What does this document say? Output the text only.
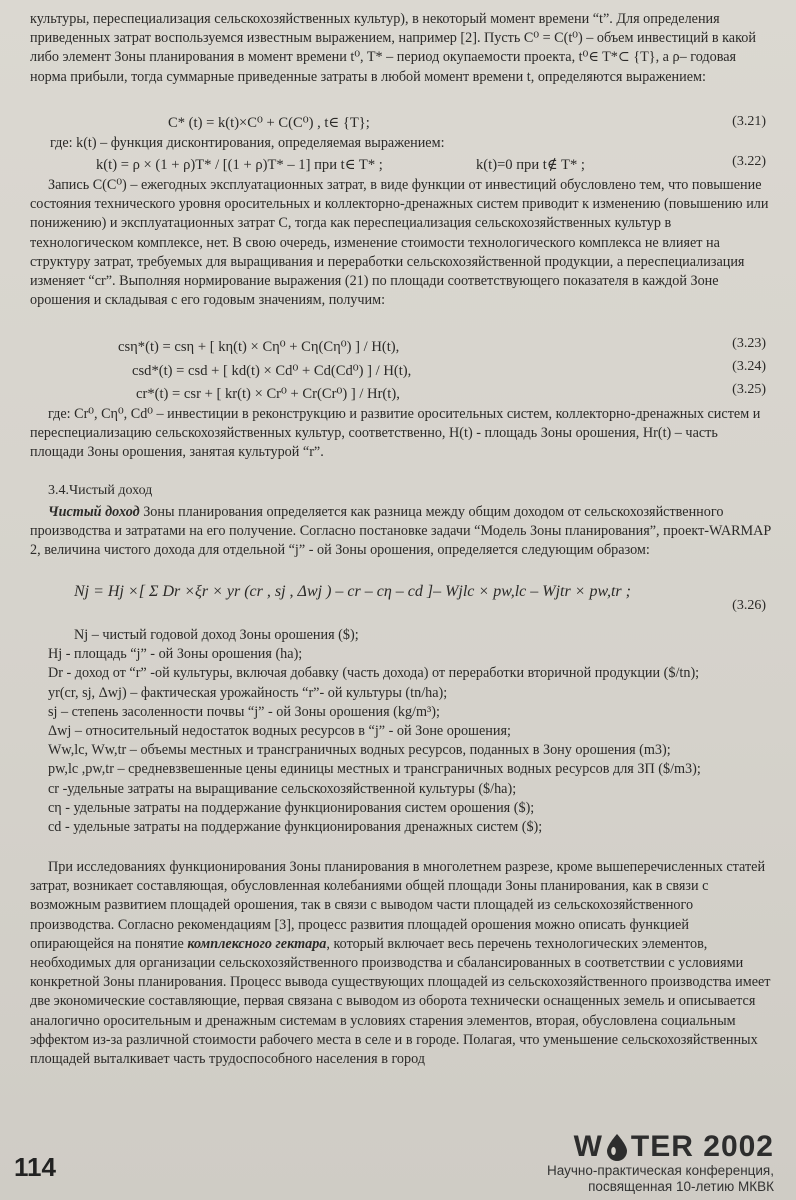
культуры, переспециализация сельскохозяйственных культур), в некоторый момент времени “t”. Для определения приведенных затрат воспользуемся известным выражением, например [2]. Пусть C⁰ = C(t⁰) – объем инвестиций в какой либо элемент Зоны планирования в момент времени t⁰, T* – период окупаемости проекта, t⁰∈ T*⊂ {T}, а ρ– годовая норма прибыли, тогда суммарные приведенные затраты в любой момент времени t, определяются выражением:

C* (t) = k(t)×C⁰ + C(C⁰) , t∈ {T};	(3.21)

где: k(t) – функция дисконтирования, определяемая выражением:

k(t) = ρ × (1 + ρ)T* / [(1 + ρ)T* – 1] при t∈ T* ;	k(t)=0 при t∉ T* ;	(3.22)

Запись C(C⁰) – ежегодных эксплуатационных затрат, в виде функции от инвестиций обусловлено тем, что повышение состояния технического уровня оросительных и коллекторно-дренажных систем приводит к изменению (повышению или понижению) и эксплуатационных затрат C, тогда как переспециализация сельскохозяйственных культур в технологическом комплексе, нет. В свою очередь, изменение стоимости технологического комплекса не влияет на структуру затрат, требуемых для выращивания и переработки сельскохозяйственной продукции, а переспециализация изменяет “cr”. Выполняя нормирование выражения (21) по площади соответствующего показателя в каждой Зоне орошения и складывая с его годовым значениям, получим:

csη*(t) = csη + [ kη(t) × Cη⁰ + Cη(Cη⁰) ] / H(t),	(3.23)
csd*(t) = csd + [ kd(t) × Cd⁰ + Cd(Cd⁰) ] / H(t),	(3.24)
cr*(t) = csr + [ kr(t) × Cr⁰ + Cr(Cr⁰) ] / Hr(t),	(3.25)

где: Cr⁰, Cη⁰, Cd⁰ – инвестиции в реконструкцию и развитие оросительных систем, коллекторно-дренажных систем и переспециализацию сельскохозяйственных культур, соответственно, H(t) - площадь Зоны орошения, Hr(t) – часть площади Зоны орошения, занятая культурой “r”.

3.4.Чистый доход

Чистый доход Зоны планирования определяется как разница между общим доходом от сельскохозяйственного производства и затратами на его получение. Согласно постановке задачи “Модель Зоны планирования”, проект-WARMAP 2, величина чистого дохода для отдельной “j” - ой Зоны орошения, определяется следующим образом:

Nj = Hj ×[ Σ Dr ×ξr × yr (cr , sj , Δwj ) – cr – cη – cd ]– Wjlc × pw,lc – Wjtr × pw,tr ;
(3.26)
Nj – чистый годовой доход Зоны орошения ($);
Hj - площадь “j” - ой Зоны орошения (ha);
Dr - доход от “r” -ой культуры, включая добавку (часть дохода) от переработки вторичной продукции ($/tn);
yr(cr, sj, Δwj) – фактическая урожайность “r”- ой культуры (tn/ha);
sj – степень засоленности почвы “j” - ой Зоны орошения (kg/m³);
Δwj – относительный недостаток водных ресурсов в “j” - ой Зоне орошения;
Ww,lc, Ww,tr – объемы местных и трансграничных водных ресурсов, поданных в Зону орошения (m3);
pw,lc ,pw,tr – средневзвешенные цены единицы местных и трансграничных водных ресурсов для ЗП ($/m3);
cr -удельные затраты на выращивание сельскохозяйственной культуры ($/ha);
cη - удельные затраты на поддержание функционирования систем орошения ($);
cd - удельные затраты на поддержание функционирования дренажных систем ($);

При исследованиях функционирования Зоны планирования в многолетнем разрезе, кроме вышеперечисленных статей затрат, возникает составляющая, обусловленная колебаниями общей площади Зоны планирования, как в связи с возможным развитием площадей орошения, так в связи с выводом части площадей из сельскохозяйственного производства. Согласно рекомендациям [3], процесс развития площадей орошения можно описать функцией опирающейся на понятие комплексного гектара, который включает весь перечень технологических элементов, необходимых для организации сельскохозяйственного производства и сбалансированных в соответствии с условиями конкретной Зоны планирования. Процесс вывода существующих площадей из сельскохозяйственного производства имеет две экономические составляющие, первая связана с выводом из оборота технически оснащенных земель и описывается аналогично оросительным и дренажным системам в условиях старения элементов, вторая, обусловлена социальным эффектом из-за различной стоимости рабочего места в селе и в городе. Полагая, что уменьшение сельскохозяйственных площадей выталкивает часть трудоспособного населения в город

114
W TER 2002
Научно-практическая конференция,
посвященная 10-летию МКВК
